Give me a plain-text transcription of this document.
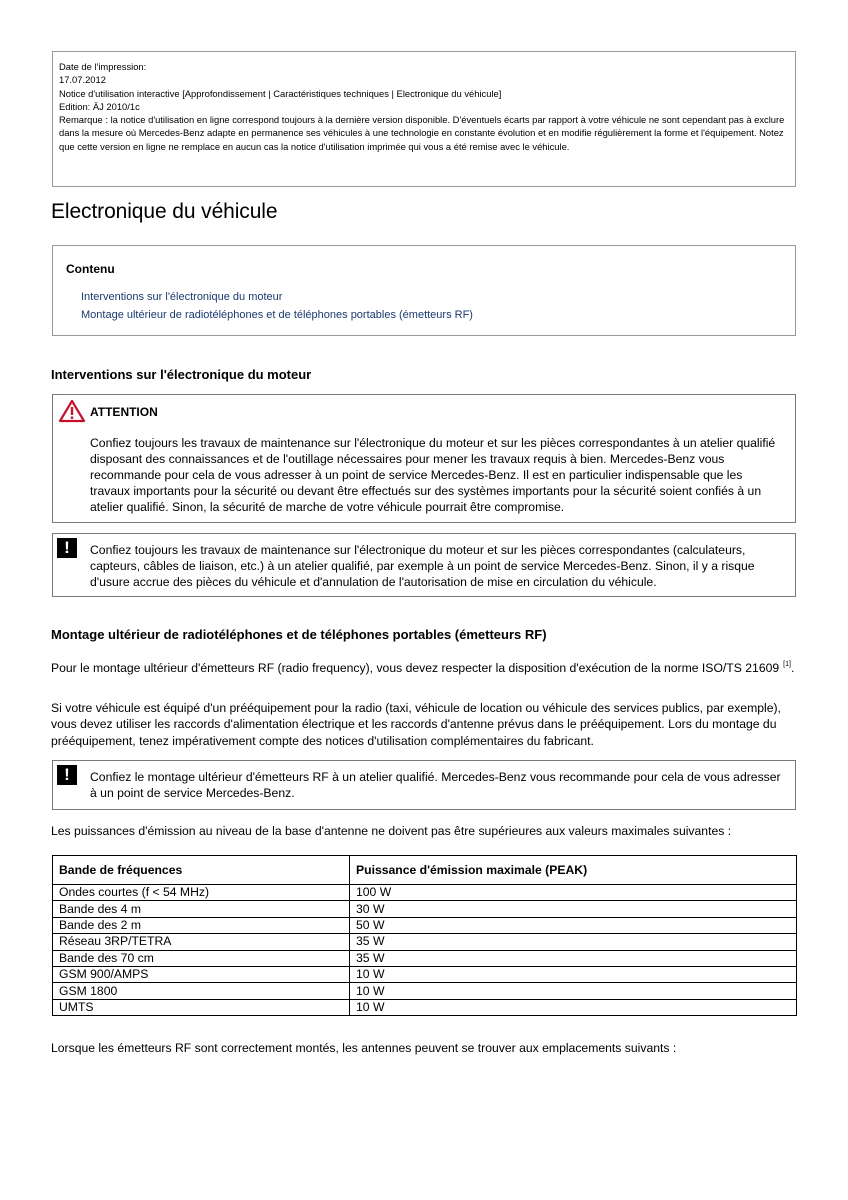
Date de l'impression:
17.07.2012
Notice d'utilisation interactive [Approfondissement | Caractéristiques techniques | Electronique du véhicule]
Edition: ÄJ 2010/1c
Remarque : la notice d'utilisation en ligne correspond toujours à la dernière version disponible. D'éventuels écarts par rapport à votre véhicule ne sont cependant pas à exclure dans la mesure où Mercedes-Benz adapte en permanence ses véhicules à une technologie en constante évolution et en modifie régulièrement la forme et l'équipement. Notez que cette version en ligne ne remplace en aucun cas la notice d'utilisation imprimée qui vous a été remise avec le véhicule.
Electronique du véhicule
Contenu
Interventions sur l'électronique du moteur
Montage ultérieur de radiotéléphones et de téléphones portables (émetteurs RF)
Interventions sur l'électronique du moteur
ATTENTION
Confiez toujours les travaux de maintenance sur l'électronique du moteur et sur les pièces correspondantes à un atelier qualifié disposant des connaissances et de l'outillage nécessaires pour mener les travaux requis à bien. Mercedes-Benz vous recommande pour cela de vous adresser à un point de service Mercedes-Benz. Il est en particulier indispensable que les travaux importants pour la sécurité ou devant être effectués sur des systèmes importants pour la sécurité soient confiés à un atelier qualifié. Sinon, la sécurité de marche de votre véhicule pourrait être compromise.
!	Confiez toujours les travaux de maintenance sur l'électronique du moteur et sur les pièces correspondantes (calculateurs, capteurs, câbles de liaison, etc.) à un atelier qualifié, par exemple à un point de service Mercedes-Benz. Sinon, il y a risque d'usure accrue des pièces du véhicule et d'annulation de l'autorisation de mise en circulation du véhicule.
Montage ultérieur de radiotéléphones et de téléphones portables (émetteurs RF)

Pour le montage ultérieur d'émetteurs RF (radio frequency), vous devez respecter la disposition d'exécution de la norme ISO/TS 21609 [1].

Si votre véhicule est équipé d'un prééquipement pour la radio (taxi, véhicule de location ou véhicule des services publics, par exemple), vous devez utiliser les raccords d'alimentation électrique et les raccords d'antenne prévus dans le prééquipement. Lors du montage du prééquipement, tenez impérativement compte des notices d'utilisation complémentaires du fabricant.

!	Confiez le montage ultérieur d'émetteurs RF à un atelier qualifié. Mercedes-Benz vous recommande pour cela de vous adresser à un point de service Mercedes-Benz.

Les puissances d'émission au niveau de la base d'antenne ne doivent pas être supérieures aux valeurs maximales suivantes :

Bande de fréquences	Puissance d'émission maximale (PEAK)
Ondes courtes (f < 54 MHz)	100 W
Bande des 4 m	30 W
Bande des 2 m	50 W
Réseau 3RP/TETRA	35 W
Bande des 70 cm	35 W
GSM 900/AMPS	10 W
GSM 1800	10 W
UMTS	10 W

Lorsque les émetteurs RF sont correctement montés, les antennes peuvent se trouver aux emplacements suivants :
